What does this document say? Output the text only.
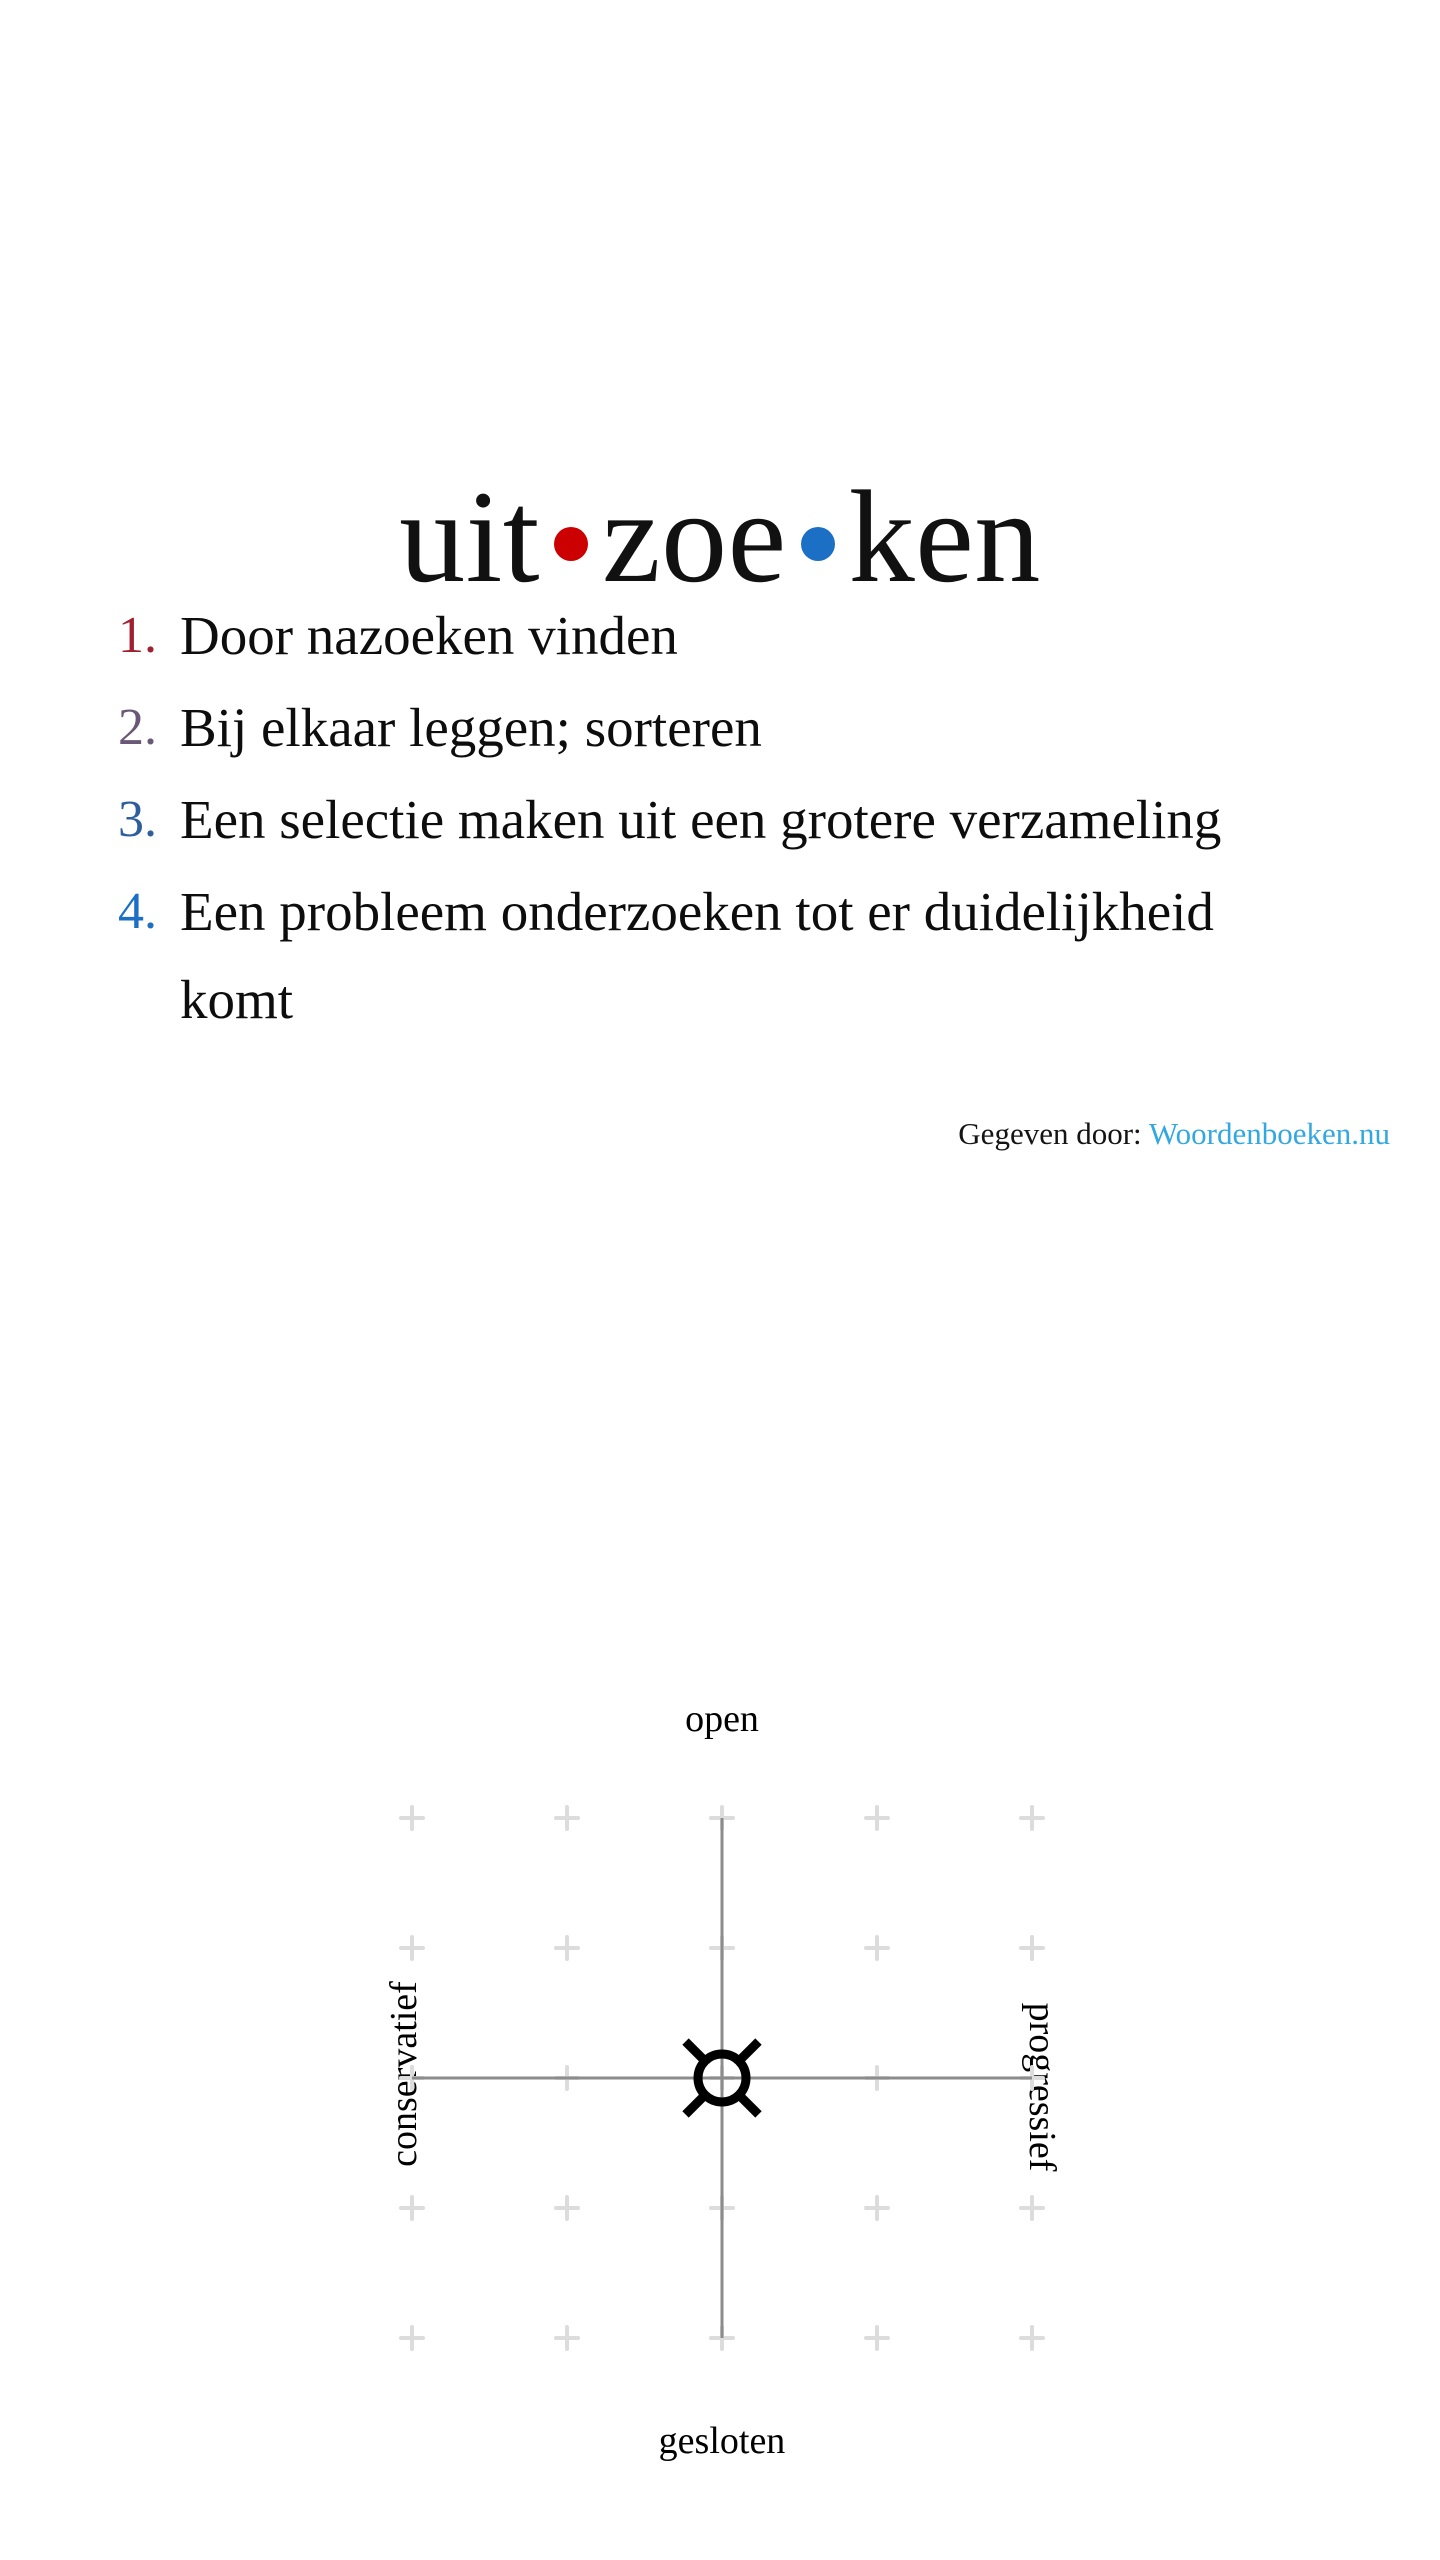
uit zoe ken
1. Door nazoeken vinden
2. Bij elkaar leggen; sorteren
3. Een selectie maken uit een grotere verzameling
4. Een probleem onderzoeken tot er duidelijkheid komt
Gegeven door: Woordenboeken.nu
open
gesloten
conservatief	progressief
